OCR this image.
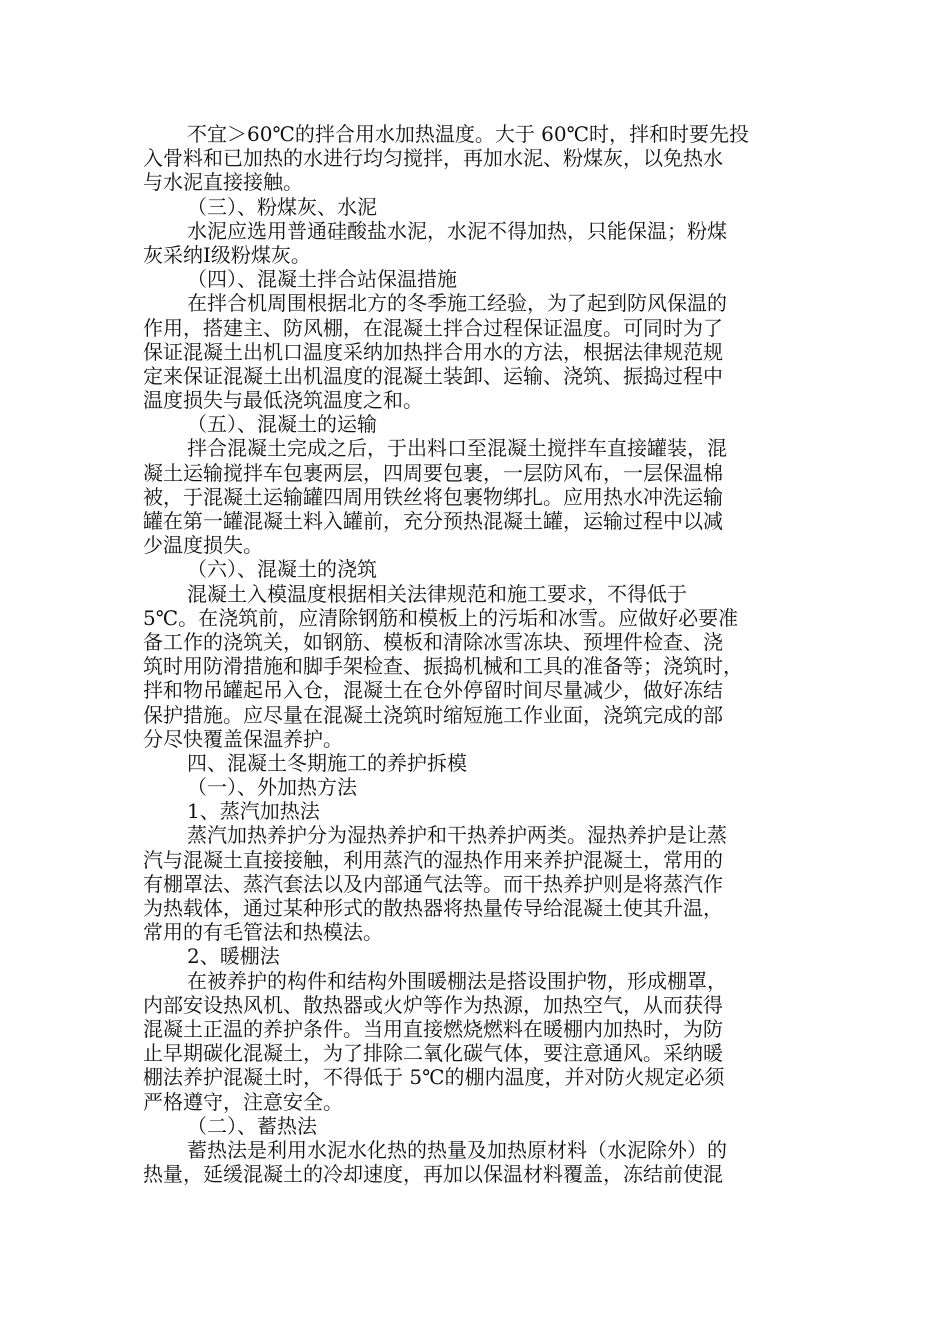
不宜＞60℃的拌合用水加热温度。大于 60℃时，拌和时要先投
入骨料和已加热的水进行均匀搅拌，再加水泥、粉煤灰，以免热水
与水泥直接接触。
（三）、粉煤灰、水泥
水泥应选用普通硅酸盐水泥，水泥不得加热，只能保温；粉煤
灰采纳Ⅰ级粉煤灰。
（四）、混凝土拌合站保温措施
在拌合机周围根据北方的冬季施工经验，为了起到防风保温的
作用，搭建主、防风棚，在混凝土拌合过程保证温度。可同时为了
保证混凝土出机口温度采纳加热拌合用水的方法，根据法律规范规
定来保证混凝土出机温度的混凝土装卸、运输、浇筑、振捣过程中
温度损失与最低浇筑温度之和。
（五）、混凝土的运输
拌合混凝土完成之后，于出料口至混凝土搅拌车直接罐装，混
凝土运输搅拌车包裹两层，四周要包裹，一层防风布，一层保温棉
被，于混凝土运输罐四周用铁丝将包裹物绑扎。应用热水冲洗运输
罐在第一罐混凝土料入罐前，充分预热混凝土罐，运输过程中以减
少温度损失。
（六）、混凝土的浇筑
混凝土入模温度根据相关法律规范和施工要求，不得低于
5℃。在浇筑前，应清除钢筋和模板上的污垢和冰雪。应做好必要准
备工作的浇筑关，如钢筋、模板和清除冰雪冻块、预埋件检查、浇
筑时用防滑措施和脚手架检查、振捣机械和工具的准备等；浇筑时，
拌和物吊罐起吊入仓，混凝土在仓外停留时间尽量减少，做好冻结
保护措施。应尽量在混凝土浇筑时缩短施工作业面，浇筑完成的部
分尽快覆盖保温养护。
四、混凝土冬期施工的养护拆模
（一）、外加热方法
1、蒸汽加热法
蒸汽加热养护分为湿热养护和干热养护两类。湿热养护是让蒸
汽与混凝土直接接触，利用蒸汽的湿热作用来养护混凝土，常用的
有棚罩法、蒸汽套法以及内部通气法等。而干热养护则是将蒸汽作
为热载体，通过某种形式的散热器将热量传导给混凝土使其升温，
常用的有毛管法和热模法。
2、暖棚法
在被养护的构件和结构外围暖棚法是搭设围护物，形成棚罩，
内部安设热风机、散热器或火炉等作为热源，加热空气，从而获得
混凝土正温的养护条件。当用直接燃烧燃料在暖棚内加热时，为防
止早期碳化混凝土，为了排除二氧化碳气体，要注意通风。采纳暖
棚法养护混凝土时，不得低于 5℃的棚内温度，并对防火规定必须
严格遵守，注意安全。
（二）、蓄热法
蓄热法是利用水泥水化热的热量及加热原材料（水泥除外）的
热量，延缓混凝土的冷却速度，再加以保温材料覆盖，冻结前使混
